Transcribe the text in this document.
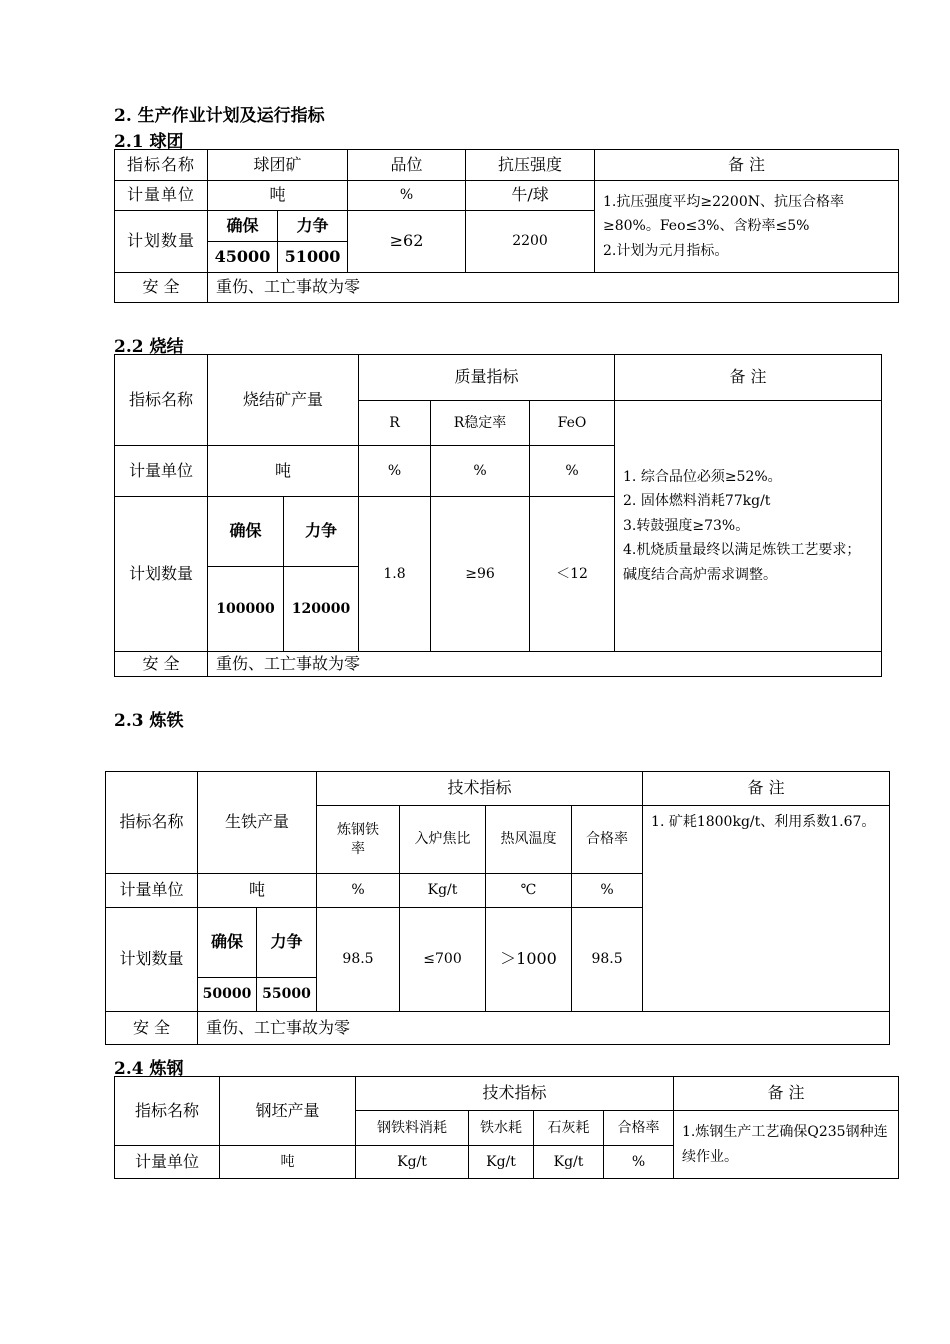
2. 生产作业计划及运行指标
2.1 球团
指标名称	球团矿		品位	抗压强度	备 注
计量单位	吨		%	牛/球	1.抗压强度平均≥2200N、抗压合格率≥80%。Feo≤3%、含粉率≤5%
2.计划为元月指标。

计划数量	确保	力争	≥62	2200	
	45000	51000			
安 全	重伤、工亡事故为零				
2.2 烧结
指标名称	烧结矿产量		质量指标			备 注
			R	R稳定率	FeO	1. 综合品位必须≥52%。
2. 固体燃料消耗77kg/t
3.转鼓强度≥73%。
4.机烧质量最终以满足炼铁工艺要求；碱度结合高炉需求调整。

计量单位	吨		%	%	%	
计划数量	确保	力争	1.8	≥96	＜12	
	100000	120000				
安 全	重伤、工亡事故为零					
2.3 炼铁
指标名称	生铁产量		技术指标				备 注
			炼钢铁率	入炉焦比	热风温度	合格率	1. 矿耗1800kg/t、利用系数1.67。

计量单位	吨		%	Kg/t	℃	%	
计划数量	确保	力争	98.5	≤700	＞1000	98.5	
	50000	55000					
安 全	重伤、工亡事故为零						
2.4 炼钢
指标名称	钢坯产量	技术指标				备 注
		钢铁料消耗	铁水耗	石灰耗	合格率	1.炼钢生产工艺确保Q235钢种连续作业。

计量单位	吨	Kg/t	Kg/t	Kg/t	%	
